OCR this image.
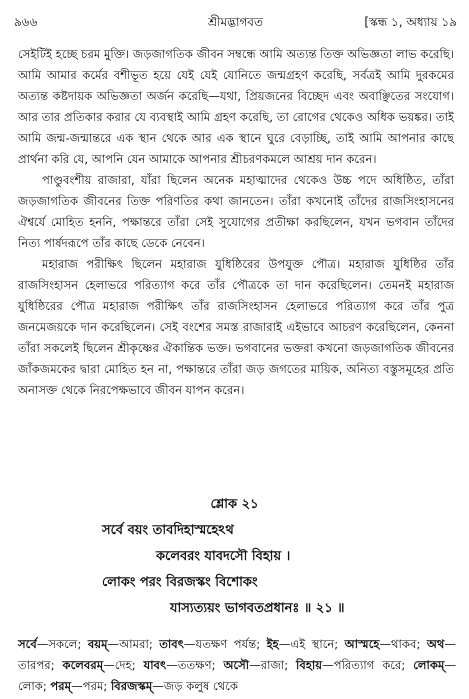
৯৬৬	শ্রীমদ্ভাগবত	[স্কন্ধ ১, অধ্যায় ১৯

সেইটিই হচ্ছে চরম মুক্তি। জড়জাগতিক জীবন সম্বন্ধে আমি অত্যন্ত তিক্ত অভিজ্ঞতা লাভ করেছি। আমি আমার কর্মের বশীভূত হয়ে যেই যেই যোনিতে জন্মগ্রহণ করেছি, সর্বত্রই আমি দুরকমের অত্যন্ত কষ্টদায়ক অভিজ্ঞতা অর্জন করেছি—যথা, প্রিয়জনের বিচ্ছেদ এবং অবাঞ্ছিতের সংযোগ। আর তার প্রতিকার করার যে ব্যবস্থাই আমি গ্রহণ করেছি, তা রোগের থেকেও অধিক ভয়ঙ্কর। তাই আমি জন্ম-জন্মান্তরে এক স্থান থেকে আর এক স্থানে ঘুরে বেড়াচ্ছি, তাই আমি আপনার কাছে প্রার্থনা করি যে, আপনি যেন আমাকে আপনার শ্রীচরণকমলে আশ্রয় দান করেন।

পাণ্ডুবংশীয় রাজারা, যাঁরা ছিলেন অনেক মহাত্মাদের থেকেও উচ্চ পদে অধিষ্ঠিত, তাঁরা জড়জাগতিক জীবনের তিক্ত পরিণতির কথা জানতেন। তাঁরা কখনোই তাঁদের রাজসিংহাসনের ঐশ্বর্যে মোহিত হননি, পক্ষান্তরে তাঁরা সেই সুযোগের প্রতীক্ষা করছিলেন, যখন ভগবান তাঁদের নিত্য পার্ষদরূপে তাঁর কাছে ডেকে নেবেন।

মহারাজ পরীক্ষিৎ ছিলেন মহারাজ যুধিষ্ঠিরের উপযুক্ত পৌত্র। মহারাজ যুধিষ্ঠির তাঁর রাজসিংহাসন হেলাভরে পরিত্যাগ করে তাঁর পৌত্রকে তা দান করেছিলেন। তেমনই মহারাজ যুধিষ্ঠিরের পৌত্র মহারাজ পরীক্ষিৎ তাঁর রাজসিংহাসন হেলাভরে পরিত্যাগ করে তাঁর পুত্র জনমেজয়কে দান করেছিলেন। সেই বংশের সমস্ত রাজারাই এইভাবে আচরণ করেছিলেন, কেননা তাঁরা সকলেই ছিলেন শ্রীকৃষ্ণের ঐকান্তিক ভক্ত। ভগবানের ভক্তরা কখনো জড়জাগতিক জীবনের জাঁকজমকের দ্বারা মোহিত হন না, পক্ষান্তরে তাঁরা জড় জগতের মায়িক, অনিত্য বস্তুসমূহের প্রতি অনাসক্ত থেকে নিরপেক্ষভাবে জীবন যাপন করেন।

শ্লোক ২১
সর্বে বয়ং তাবদিহাস্মহেঽথ
কলেবরং যাবদসৌ বিহায় ।
লোকং পরং বিরজস্কং বিশোকং
যাস্যত্যয়ং ভাগবতপ্রধানঃ ॥ ২১ ॥
সর্বে—সকলে; বয়ম্—আমরা; তাবৎ—যতক্ষণ পর্যন্ত; ইহ—এই স্থানে; আস্মহে—থাকব; অথ—তারপর; কলেবরম্—দেহ; যাবৎ—ততক্ষণ; অসৌ—রাজা; বিহায়—পরিত্যাগ করে; লোকম্—লোক; পরম্—পরম; বিরজস্কম্—জড় কলুষ থেকে
